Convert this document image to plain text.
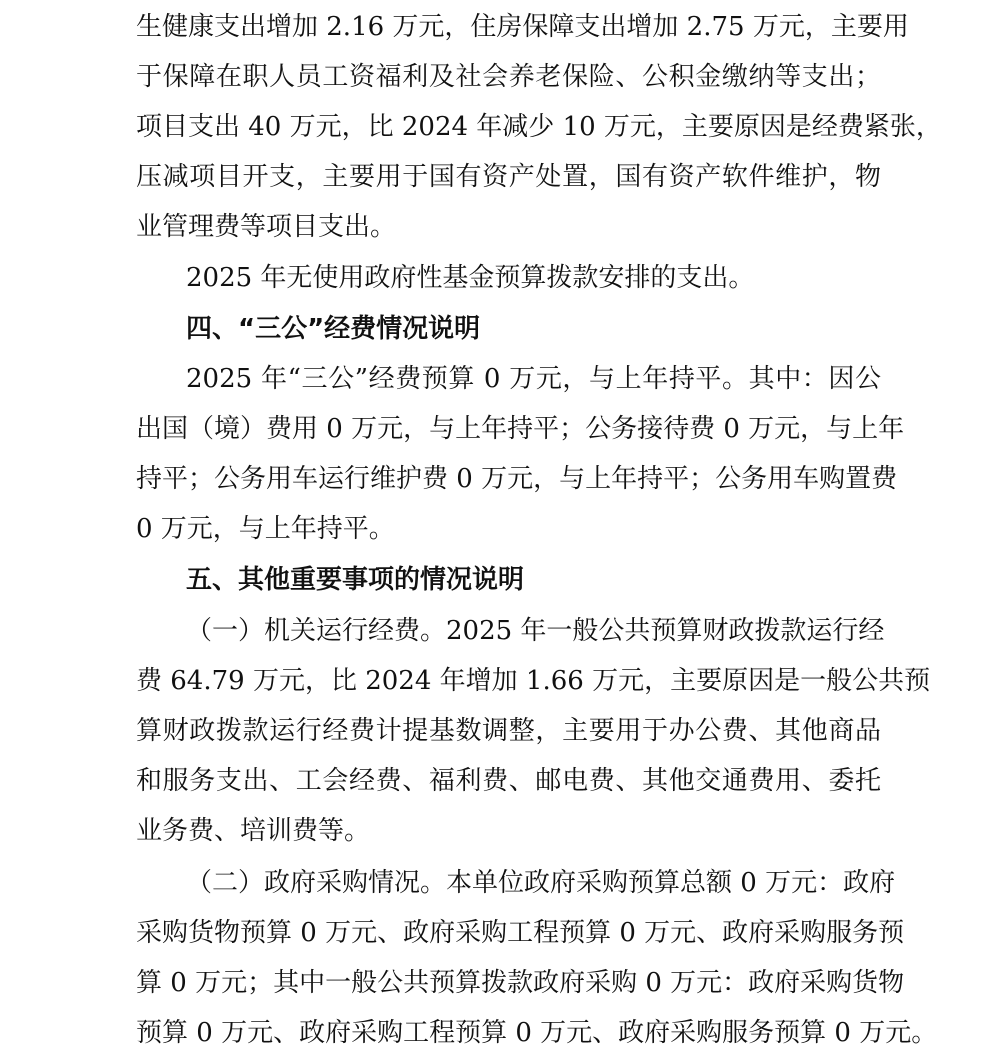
生健康支出增加 2.16 万元，住房保障支出增加 2.75 万元，主要用
于保障在职人员工资福利及社会养老保险、公积金缴纳等支出；
项目支出 40 万元，比 2024 年减少 10 万元，主要原因是经费紧张，
压减项目开支，主要用于国有资产处置，国有资产软件维护，物
业管理费等项目支出。
2025 年无使用政府性基金预算拨款安排的支出。
四、“三公”经费情况说明
2025 年“三公”经费预算 0 万元，与上年持平。其中：因公
出国（境）费用 0 万元，与上年持平；公务接待费 0 万元，与上年
持平；公务用车运行维护费 0 万元，与上年持平；公务用车购置费
0 万元，与上年持平。
五、其他重要事项的情况说明
（一）机关运行经费。2025 年一般公共预算财政拨款运行经
费 64.79 万元，比 2024 年增加 1.66 万元，主要原因是一般公共预
算财政拨款运行经费计提基数调整，主要用于办公费、其他商品
和服务支出、工会经费、福利费、邮电费、其他交通费用、委托
业务费、培训费等。
（二）政府采购情况。本单位政府采购预算总额 0 万元：政府
采购货物预算 0 万元、政府采购工程预算 0 万元、政府采购服务预
算 0 万元；其中一般公共预算拨款政府采购 0 万元：政府采购货物
预算 0 万元、政府采购工程预算 0 万元、政府采购服务预算 0 万元。
